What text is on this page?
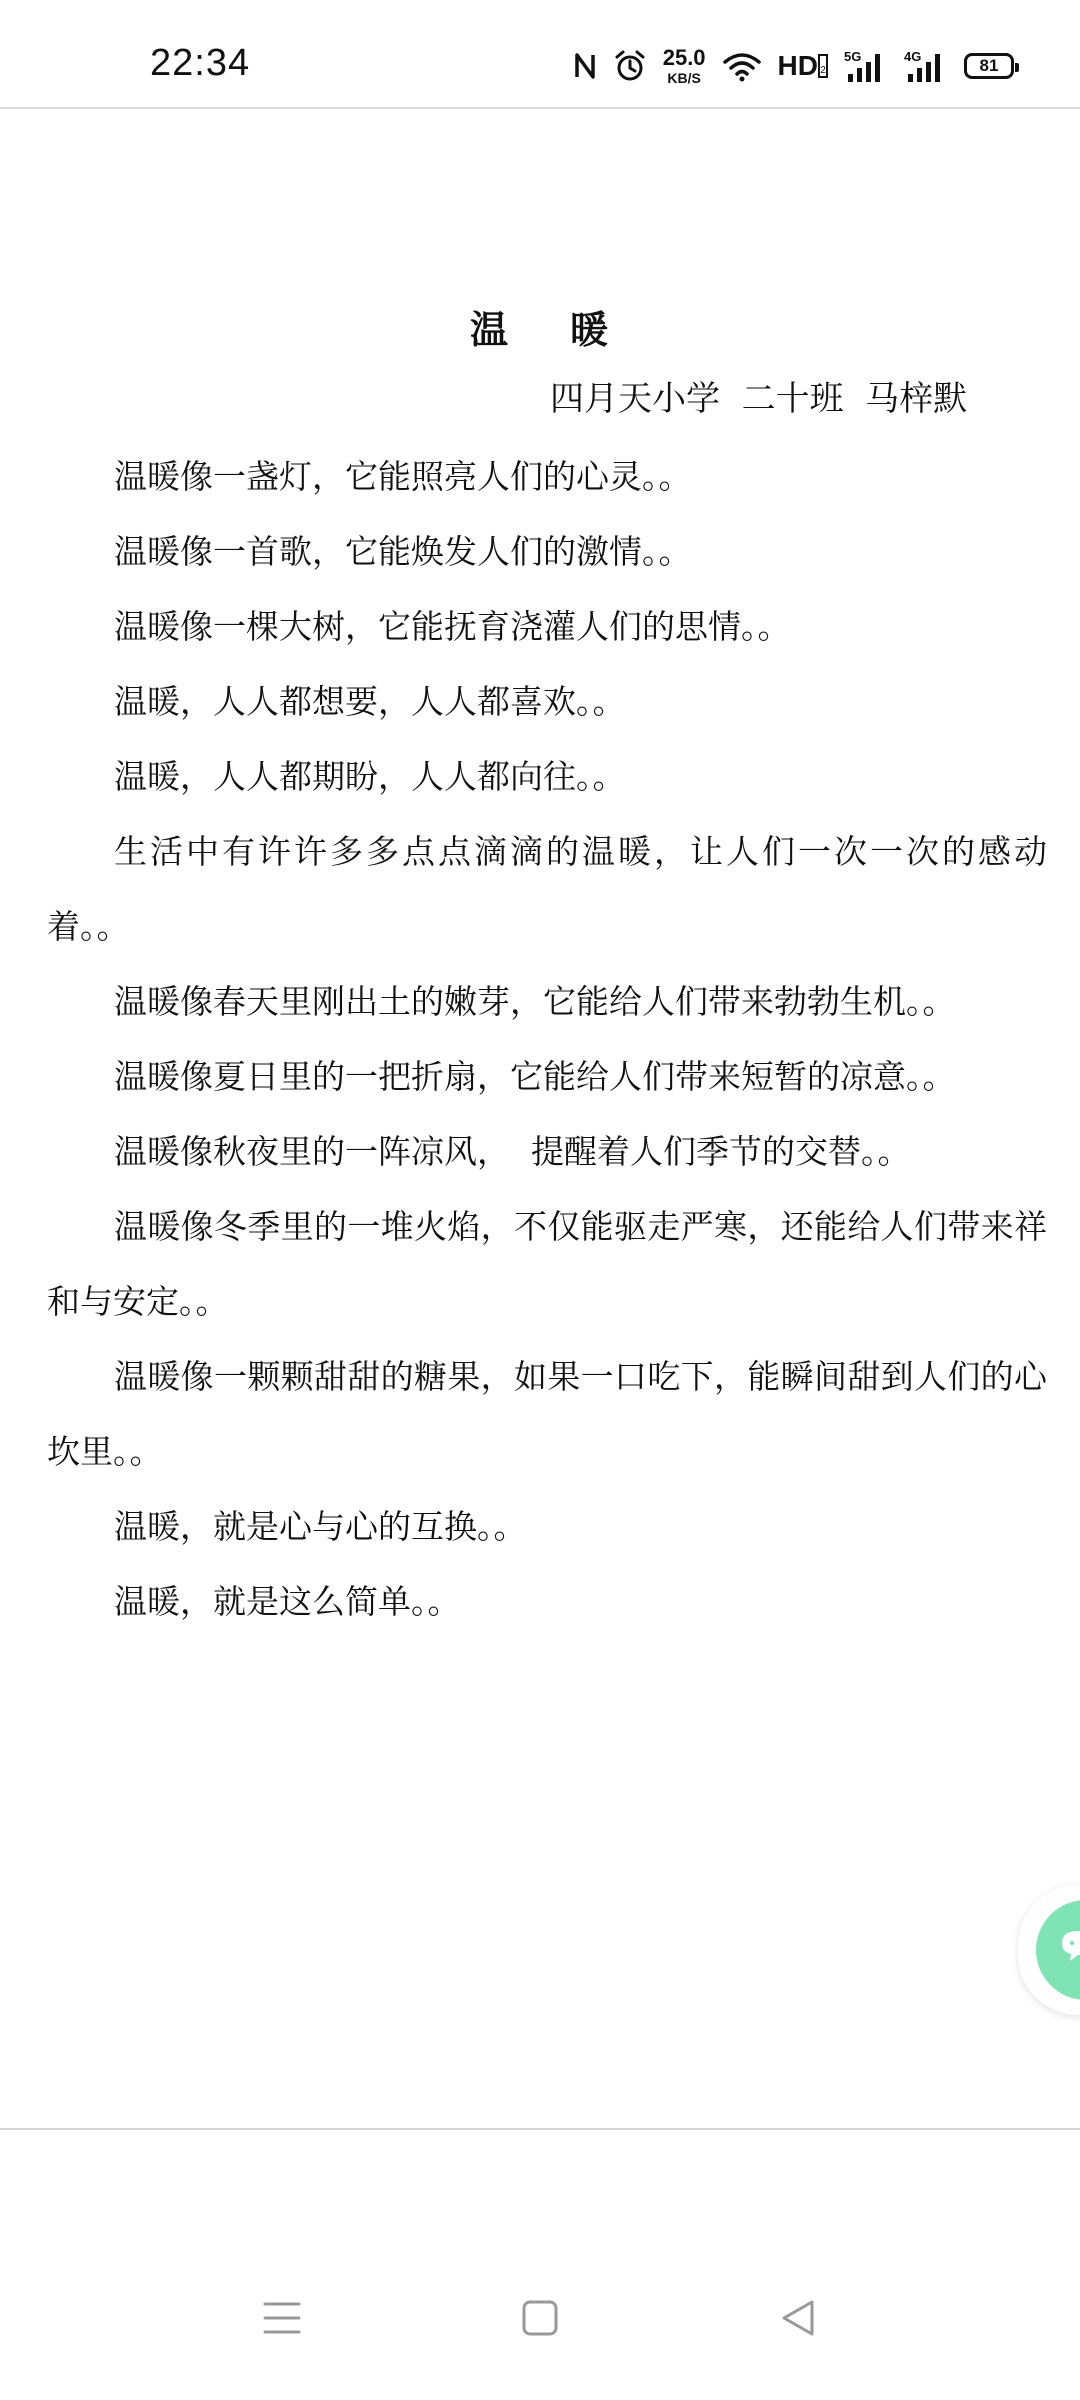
22:34	25.0
KB/S	HD 2
5G	4G	81
温 暖
四月天小学  二十班  马梓默

温暖像一盏灯，它能照亮人们的心灵。。

温暖像一首歌，它能焕发人们的激情。。

温暖像一棵大树，它能抚育浇灌人们的思情。。

温暖，人人都想要，人人都喜欢。。

温暖，人人都期盼，人人都向往。。

生活中有许许多多点点滴滴的温暖，让人们一次一次的感动着。。

温暖像春天里刚出土的嫩芽，它能给人们带来勃勃生机。。

温暖像夏日里的一把折扇，它能给人们带来短暂的凉意。。

温暖像秋夜里的一阵凉风，  提醒着人们季节的交替。。

温暖像冬季里的一堆火焰，不仅能驱走严寒，还能给人们带来祥和与安定。。

温暖像一颗颗甜甜的糖果，如果一口吃下，能瞬间甜到人们的心坎里。。

温暖，就是心与心的互换。。

温暖，就是这么简单。。
